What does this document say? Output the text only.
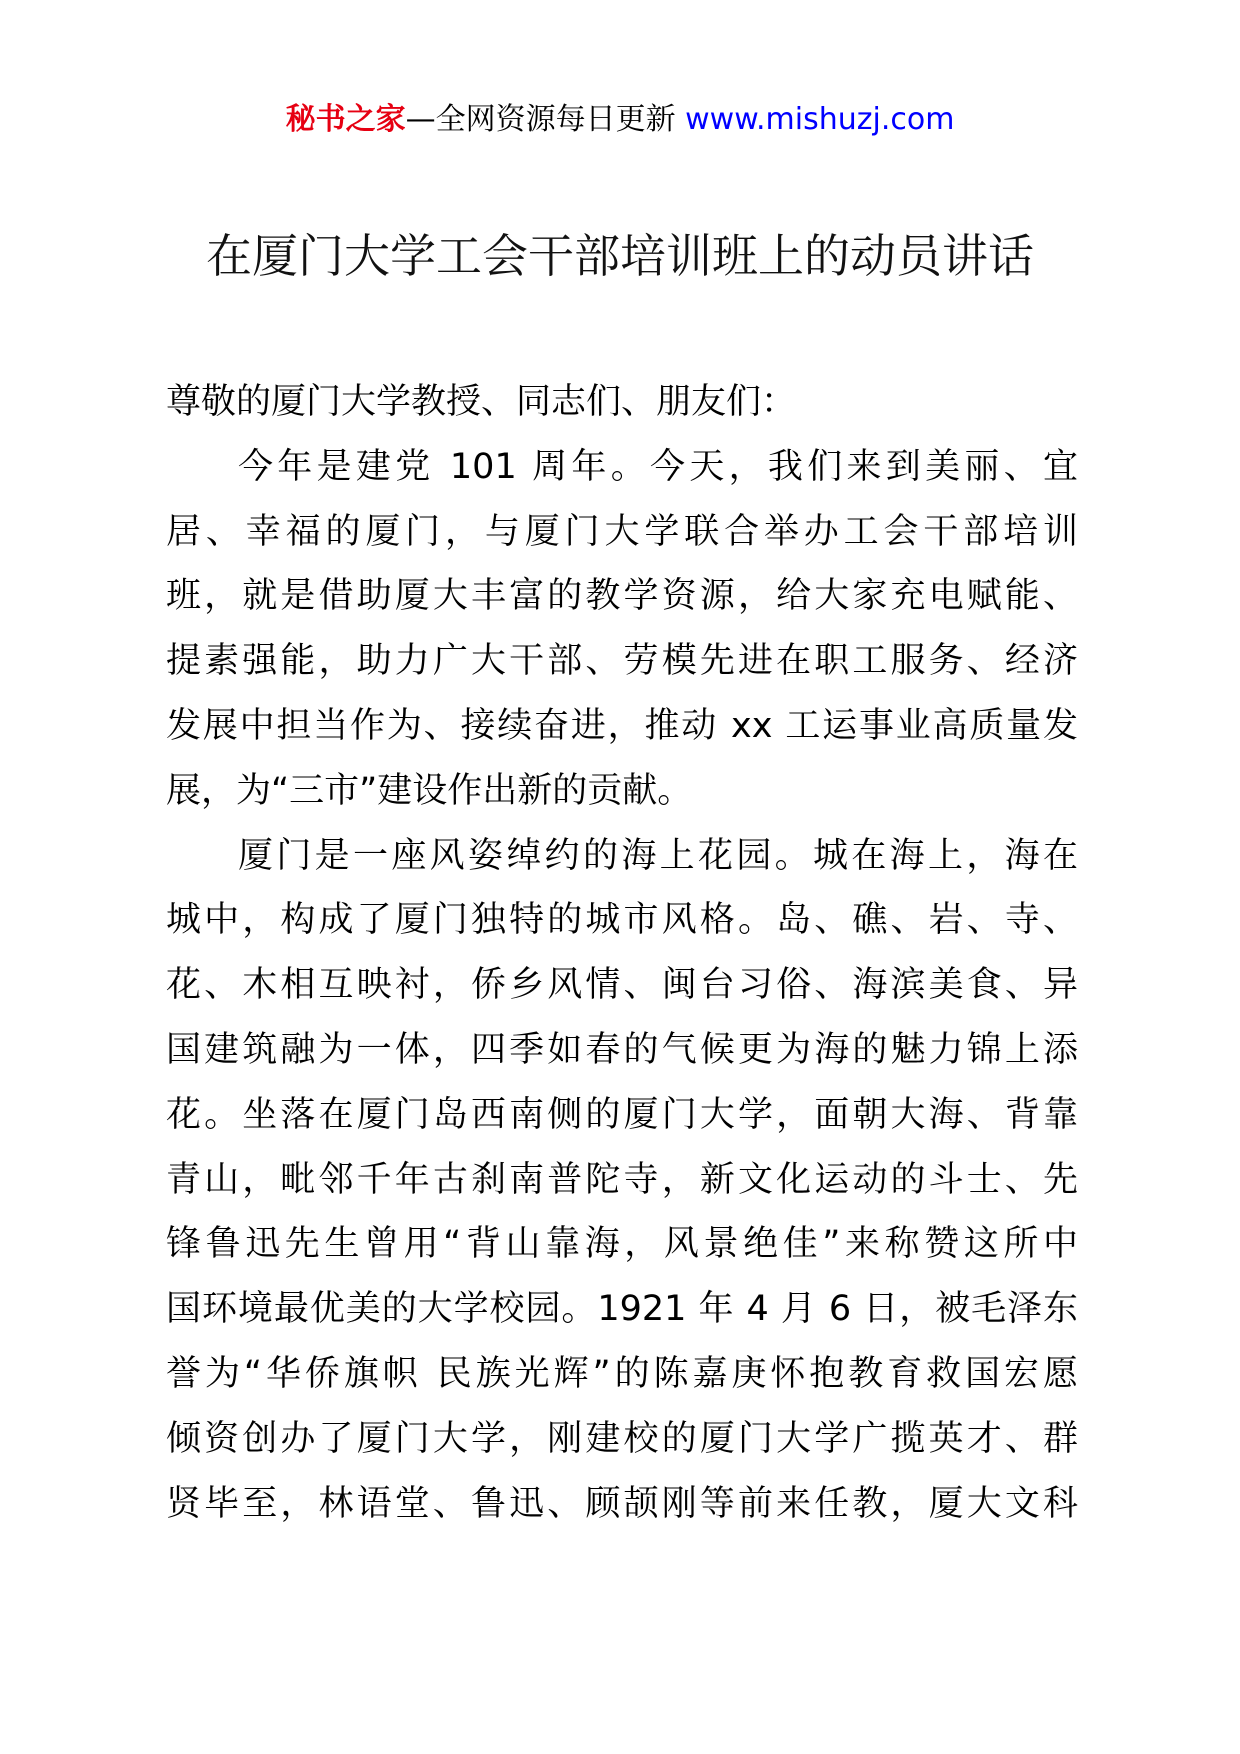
秘书之家—全网资源每日更新 www.mishuzj.com
在厦门大学工会干部培训班上的动员讲话
尊敬的厦门大学教授、同志们、朋友们：
今年是建党 101 周年。今天，我们来到美丽、宜
居、幸福的厦门，与厦门大学联合举办工会干部培训
班，就是借助厦大丰富的教学资源，给大家充电赋能、
提素强能，助力广大干部、劳模先进在职工服务、经济
发展中担当作为、接续奋进，推动 xx 工运事业高质量发
展，为“三市”建设作出新的贡献。
厦门是一座风姿绰约的海上花园。城在海上，海在
城中，构成了厦门独特的城市风格。岛、礁、岩、寺、
花、木相互映衬，侨乡风情、闽台习俗、海滨美食、异
国建筑融为一体，四季如春的气候更为海的魅力锦上添
花。坐落在厦门岛西南侧的厦门大学，面朝大海、背靠
青山，毗邻千年古刹南普陀寺，新文化运动的斗士、先
锋鲁迅先生曾用“背山靠海，风景绝佳”来称赞这所中
国环境最优美的大学校园。1921 年 4 月 6 日，被毛泽东
誉为“华侨旗帜 民族光辉”的陈嘉庚怀抱教育救国宏愿
倾资创办了厦门大学，刚建校的厦门大学广揽英才、群
贤毕至，林语堂、鲁迅、顾颉刚等前来任教，厦大文科
